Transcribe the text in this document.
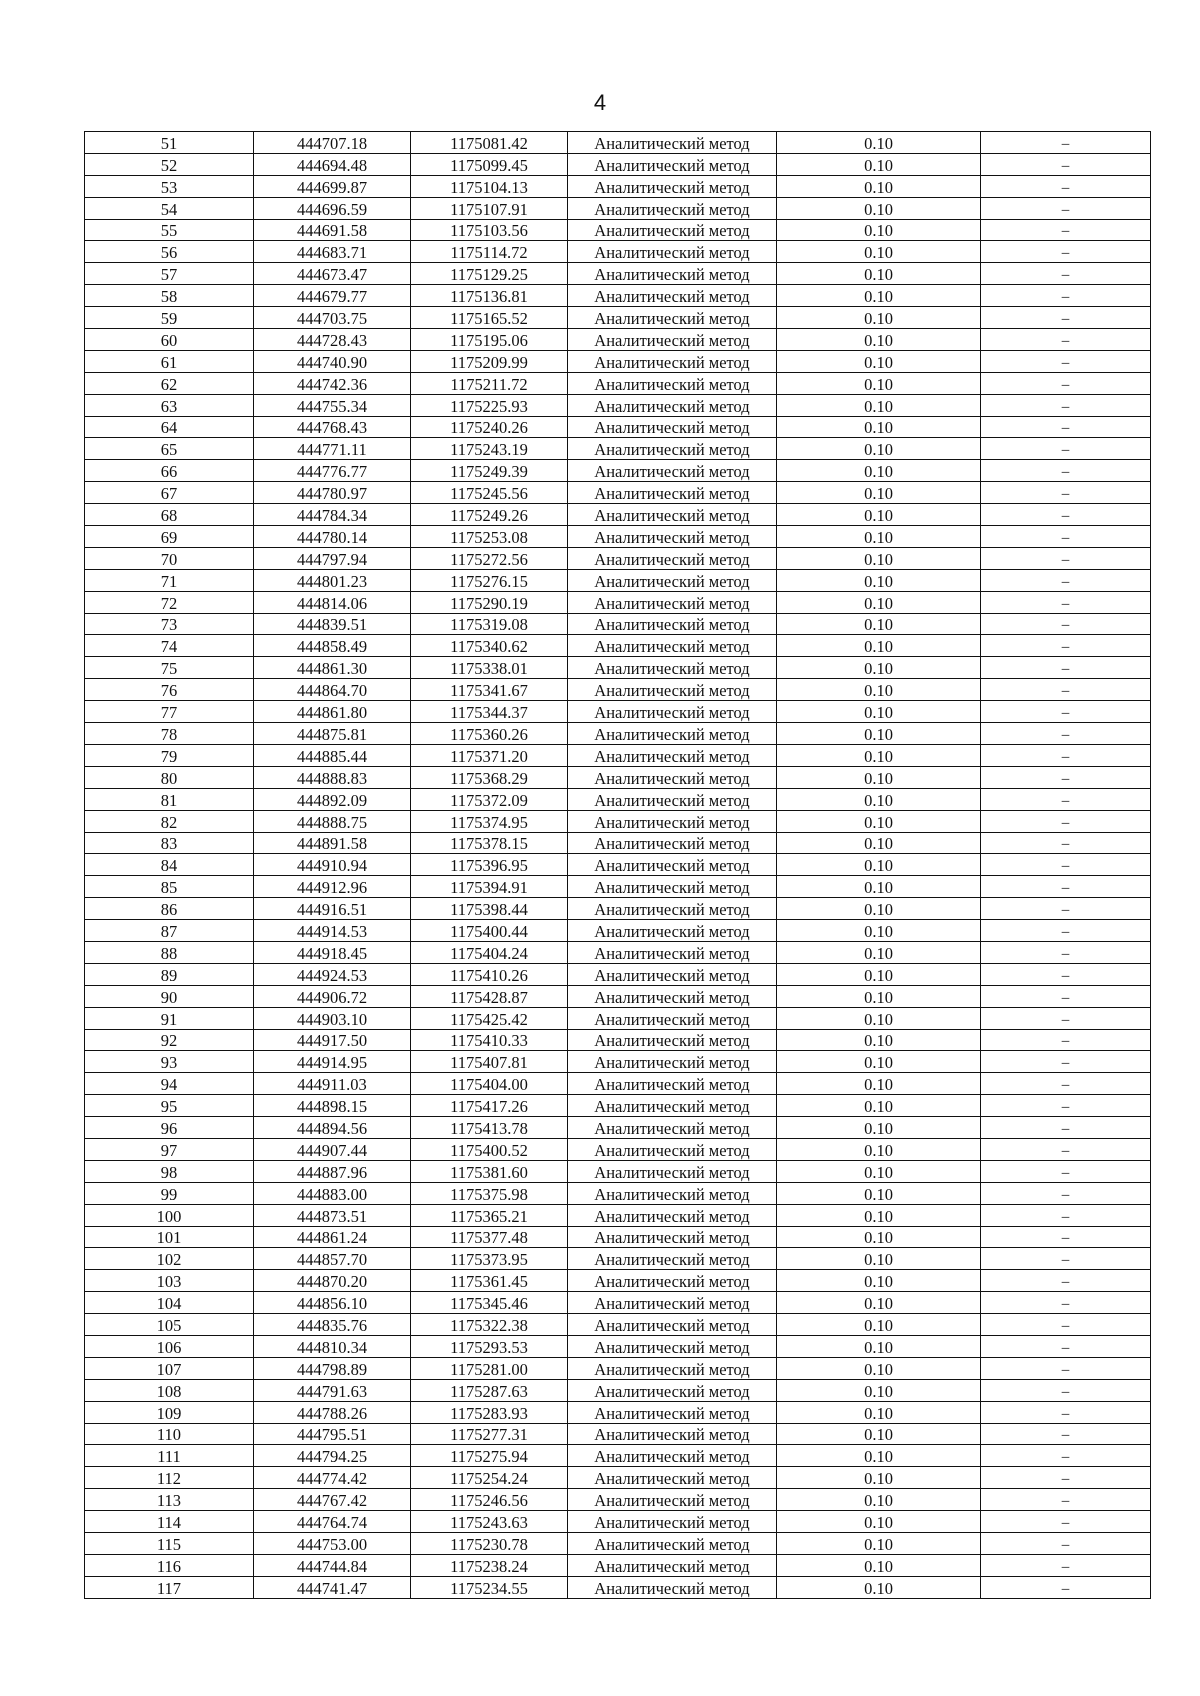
4
51	444707.18	1175081.42	Аналитический метод	0.10	–
52	444694.48	1175099.45	Аналитический метод	0.10	–
53	444699.87	1175104.13	Аналитический метод	0.10	–
54	444696.59	1175107.91	Аналитический метод	0.10	–
55	444691.58	1175103.56	Аналитический метод	0.10	–
56	444683.71	1175114.72	Аналитический метод	0.10	–
57	444673.47	1175129.25	Аналитический метод	0.10	–
58	444679.77	1175136.81	Аналитический метод	0.10	–
59	444703.75	1175165.52	Аналитический метод	0.10	–
60	444728.43	1175195.06	Аналитический метод	0.10	–
61	444740.90	1175209.99	Аналитический метод	0.10	–
62	444742.36	1175211.72	Аналитический метод	0.10	–
63	444755.34	1175225.93	Аналитический метод	0.10	–
64	444768.43	1175240.26	Аналитический метод	0.10	–
65	444771.11	1175243.19	Аналитический метод	0.10	–
66	444776.77	1175249.39	Аналитический метод	0.10	–
67	444780.97	1175245.56	Аналитический метод	0.10	–
68	444784.34	1175249.26	Аналитический метод	0.10	–
69	444780.14	1175253.08	Аналитический метод	0.10	–
70	444797.94	1175272.56	Аналитический метод	0.10	–
71	444801.23	1175276.15	Аналитический метод	0.10	–
72	444814.06	1175290.19	Аналитический метод	0.10	–
73	444839.51	1175319.08	Аналитический метод	0.10	–
74	444858.49	1175340.62	Аналитический метод	0.10	–
75	444861.30	1175338.01	Аналитический метод	0.10	–
76	444864.70	1175341.67	Аналитический метод	0.10	–
77	444861.80	1175344.37	Аналитический метод	0.10	–
78	444875.81	1175360.26	Аналитический метод	0.10	–
79	444885.44	1175371.20	Аналитический метод	0.10	–
80	444888.83	1175368.29	Аналитический метод	0.10	–
81	444892.09	1175372.09	Аналитический метод	0.10	–
82	444888.75	1175374.95	Аналитический метод	0.10	–
83	444891.58	1175378.15	Аналитический метод	0.10	–
84	444910.94	1175396.95	Аналитический метод	0.10	–
85	444912.96	1175394.91	Аналитический метод	0.10	–
86	444916.51	1175398.44	Аналитический метод	0.10	–
87	444914.53	1175400.44	Аналитический метод	0.10	–
88	444918.45	1175404.24	Аналитический метод	0.10	–
89	444924.53	1175410.26	Аналитический метод	0.10	–
90	444906.72	1175428.87	Аналитический метод	0.10	–
91	444903.10	1175425.42	Аналитический метод	0.10	–
92	444917.50	1175410.33	Аналитический метод	0.10	–
93	444914.95	1175407.81	Аналитический метод	0.10	–
94	444911.03	1175404.00	Аналитический метод	0.10	–
95	444898.15	1175417.26	Аналитический метод	0.10	–
96	444894.56	1175413.78	Аналитический метод	0.10	–
97	444907.44	1175400.52	Аналитический метод	0.10	–
98	444887.96	1175381.60	Аналитический метод	0.10	–
99	444883.00	1175375.98	Аналитический метод	0.10	–
100	444873.51	1175365.21	Аналитический метод	0.10	–
101	444861.24	1175377.48	Аналитический метод	0.10	–
102	444857.70	1175373.95	Аналитический метод	0.10	–
103	444870.20	1175361.45	Аналитический метод	0.10	–
104	444856.10	1175345.46	Аналитический метод	0.10	–
105	444835.76	1175322.38	Аналитический метод	0.10	–
106	444810.34	1175293.53	Аналитический метод	0.10	–
107	444798.89	1175281.00	Аналитический метод	0.10	–
108	444791.63	1175287.63	Аналитический метод	0.10	–
109	444788.26	1175283.93	Аналитический метод	0.10	–
110	444795.51	1175277.31	Аналитический метод	0.10	–
111	444794.25	1175275.94	Аналитический метод	0.10	–
112	444774.42	1175254.24	Аналитический метод	0.10	–
113	444767.42	1175246.56	Аналитический метод	0.10	–
114	444764.74	1175243.63	Аналитический метод	0.10	–
115	444753.00	1175230.78	Аналитический метод	0.10	–
116	444744.84	1175238.24	Аналитический метод	0.10	–
117	444741.47	1175234.55	Аналитический метод	0.10	–
